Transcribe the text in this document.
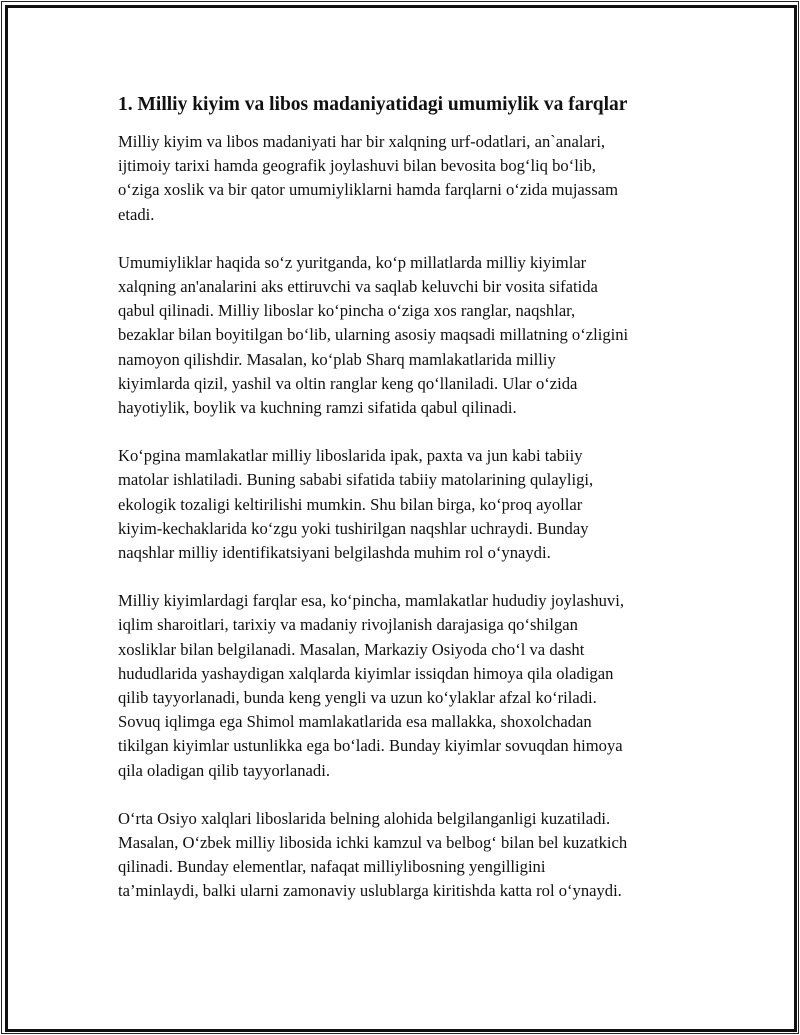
1. Milliy kiyim va libos madaniyatidagi umumiylik va farqlar

Milliy kiyim va libos madaniyati har bir xalqning urf-odatlari, an`analari,
ijtimoiy tarixi hamda geografik joylashuvi bilan bevosita bog‘liq bo‘lib,
o‘ziga xoslik va bir qator umumiyliklarni hamda farqlarni o‘zida mujassam
etadi.

Umumiyliklar haqida so‘z yuritganda, ko‘p millatlarda milliy kiyimlar
xalqning an'analarini aks ettiruvchi va saqlab keluvchi bir vosita sifatida
qabul qilinadi. Milliy liboslar ko‘pincha o‘ziga xos ranglar, naqshlar,
bezaklar bilan boyitilgan bo‘lib, ularning asosiy maqsadi millatning o‘zligini
namoyon qilishdir. Masalan, ko‘plab Sharq mamlakatlarida milliy
kiyimlarda qizil, yashil va oltin ranglar keng qo‘llaniladi. Ular o‘zida
hayotiylik, boylik va kuchning ramzi sifatida qabul qilinadi.

Ko‘pgina mamlakatlar milliy liboslarida ipak, paxta va jun kabi tabiiy
matolar ishlatiladi. Buning sababi sifatida tabiiy matolarining qulayligi,
ekologik tozaligi keltirilishi mumkin. Shu bilan birga, ko‘proq ayollar
kiyim-kechaklarida ko‘zgu yoki tushirilgan naqshlar uchraydi. Bunday
naqshlar milliy identifikatsiyani belgilashda muhim rol o‘ynaydi.

Milliy kiyimlardagi farqlar esa, ko‘pincha, mamlakatlar hududiy joylashuvi,
iqlim sharoitlari, tarixiy va madaniy rivojlanish darajasiga qo‘shilgan
xosliklar bilan belgilanadi. Masalan, Markaziy Osiyoda cho‘l va dasht
hududlarida yashaydigan xalqlarda kiyimlar issiqdan himoya qila oladigan
qilib tayyorlanadi, bunda keng yengli va uzun ko‘ylaklar afzal ko‘riladi.
Sovuq iqlimga ega Shimol mamlakatlarida esa mallakka, shoxolchadan
tikilgan kiyimlar ustunlikka ega bo‘ladi. Bunday kiyimlar sovuqdan himoya
qila oladigan qilib tayyorlanadi.

O‘rta Osiyo xalqlari liboslarida belning alohida belgilanganligi kuzatiladi.
Masalan, O‘zbek milliy libosida ichki kamzul va belbog‘ bilan bel kuzatkich
qilinadi. Bunday elementlar, nafaqat milliylibosning yengilligini
ta’minlaydi, balki ularni zamonaviy uslublarga kiritishda katta rol o‘ynaydi.
